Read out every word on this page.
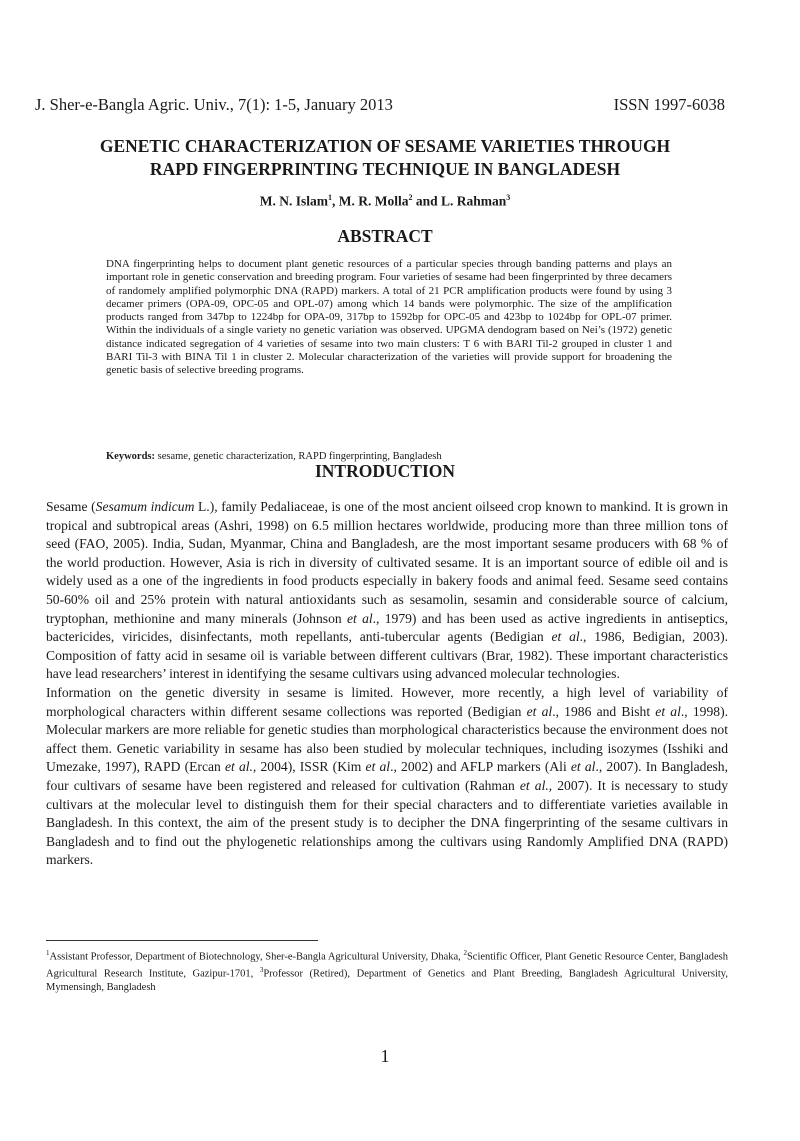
J. Sher-e-Bangla Agric. Univ., 7(1): 1-5, January 2013	ISSN 1997-6038
GENETIC CHARACTERIZATION OF SESAME VARIETIES THROUGH
RAPD FINGERPRINTING TECHNIQUE IN BANGLADESH
M. N. Islam$^1$, M. R. Molla$^2$ and L. Rahman$^3$
ABSTRACT
DNA fingerprinting helps to document plant genetic resources of a particular species through banding patterns and plays an important role in genetic conservation and breeding program. Four varieties of sesame had been fingerprinted by three decamers of randomely amplified polymorphic DNA (RAPD) markers. A total of 21 PCR amplification products were found by using 3 decamer primers (OPA-09, OPC-05 and OPL-07) among which 14 bands were polymorphic. The size of the amplification products ranged from 347bp to 1224bp for OPA-09, 317bp to 1592bp for OPC-05 and 423bp to 1024bp for OPL-07 primer. Within the individuals of a single variety no genetic variation was observed. UPGMA dendogram based on Nei’s (1972) genetic distance indicated segregation of 4 varieties of sesame into two main clusters: T 6 with BARI Til-2 grouped in cluster 1 and BARI Til-3 with BINA Til 1 in cluster 2. Molecular characterization of the varieties will provide support for broadening the genetic basis of selective breeding programs.
Keywords: sesame, genetic characterization, RAPD fingerprinting, Bangladesh
INTRODUCTION

Sesame (Sesamum indicum L.), family Pedaliaceae, is one of the most ancient oilseed crop known to mankind. It is grown in tropical and subtropical areas (Ashri, 1998) on 6.5 million hectares worldwide, producing more than three million tons of seed (FAO, 2005). India, Sudan, Myanmar, China and Bangladesh, are the most important sesame producers with 68 % of the world production. However, Asia is rich in diversity of cultivated sesame. It is an important source of edible oil and is widely used as a one of the ingredients in food products especially in bakery foods and animal feed. Sesame seed contains 50-60% oil and 25% protein with natural antioxidants such as sesamolin, sesamin and considerable source of calcium, tryptophan, methionine and many minerals (Johnson et al., 1979) and has been used as active ingredients in antiseptics, bactericides, viricides, disinfectants, moth repellants, anti-tubercular agents (Bedigian et al., 1986, Bedigian, 2003). Composition of fatty acid in sesame oil is variable between different cultivars (Brar, 1982). These important characteristics have lead researchers’ interest in identifying the sesame cultivars using advanced molecular technologies.

Information on the genetic diversity in sesame is limited. However, more recently, a high level of variability of morphological characters within different sesame collections was reported (Bedigian et al., 1986 and Bisht et al., 1998). Molecular markers are more reliable for genetic studies than morphological characteristics because the environment does not affect them. Genetic variability in sesame has also been studied by molecular techniques, including isozymes (Isshiki and Umezake, 1997), RAPD (Ercan et al., 2004), ISSR (Kim et al., 2002) and AFLP markers (Ali et al., 2007). In Bangladesh, four cultivars of sesame have been registered and released for cultivation (Rahman et al., 2007). It is necessary to study cultivars at the molecular level to distinguish them for their special characters and to differentiate varieties available in Bangladesh. In this context, the aim of the present study is to decipher the DNA fingerprinting of the sesame cultivars in Bangladesh and to find out the phylogenetic relationships among the cultivars using Randomly Amplified DNA (RAPD) markers.

$^1$Assistant Professor, Department of Biotechnology, Sher-e-Bangla Agricultural University, Dhaka, $^2$Scientific Officer, Plant Genetic Resource Center, Bangladesh Agricultural Research Institute, Gazipur-1701, $^3$Professor (Retired), Department of Genetics and Plant Breeding, Bangladesh Agricultural University, Mymensingh, Bangladesh
1
